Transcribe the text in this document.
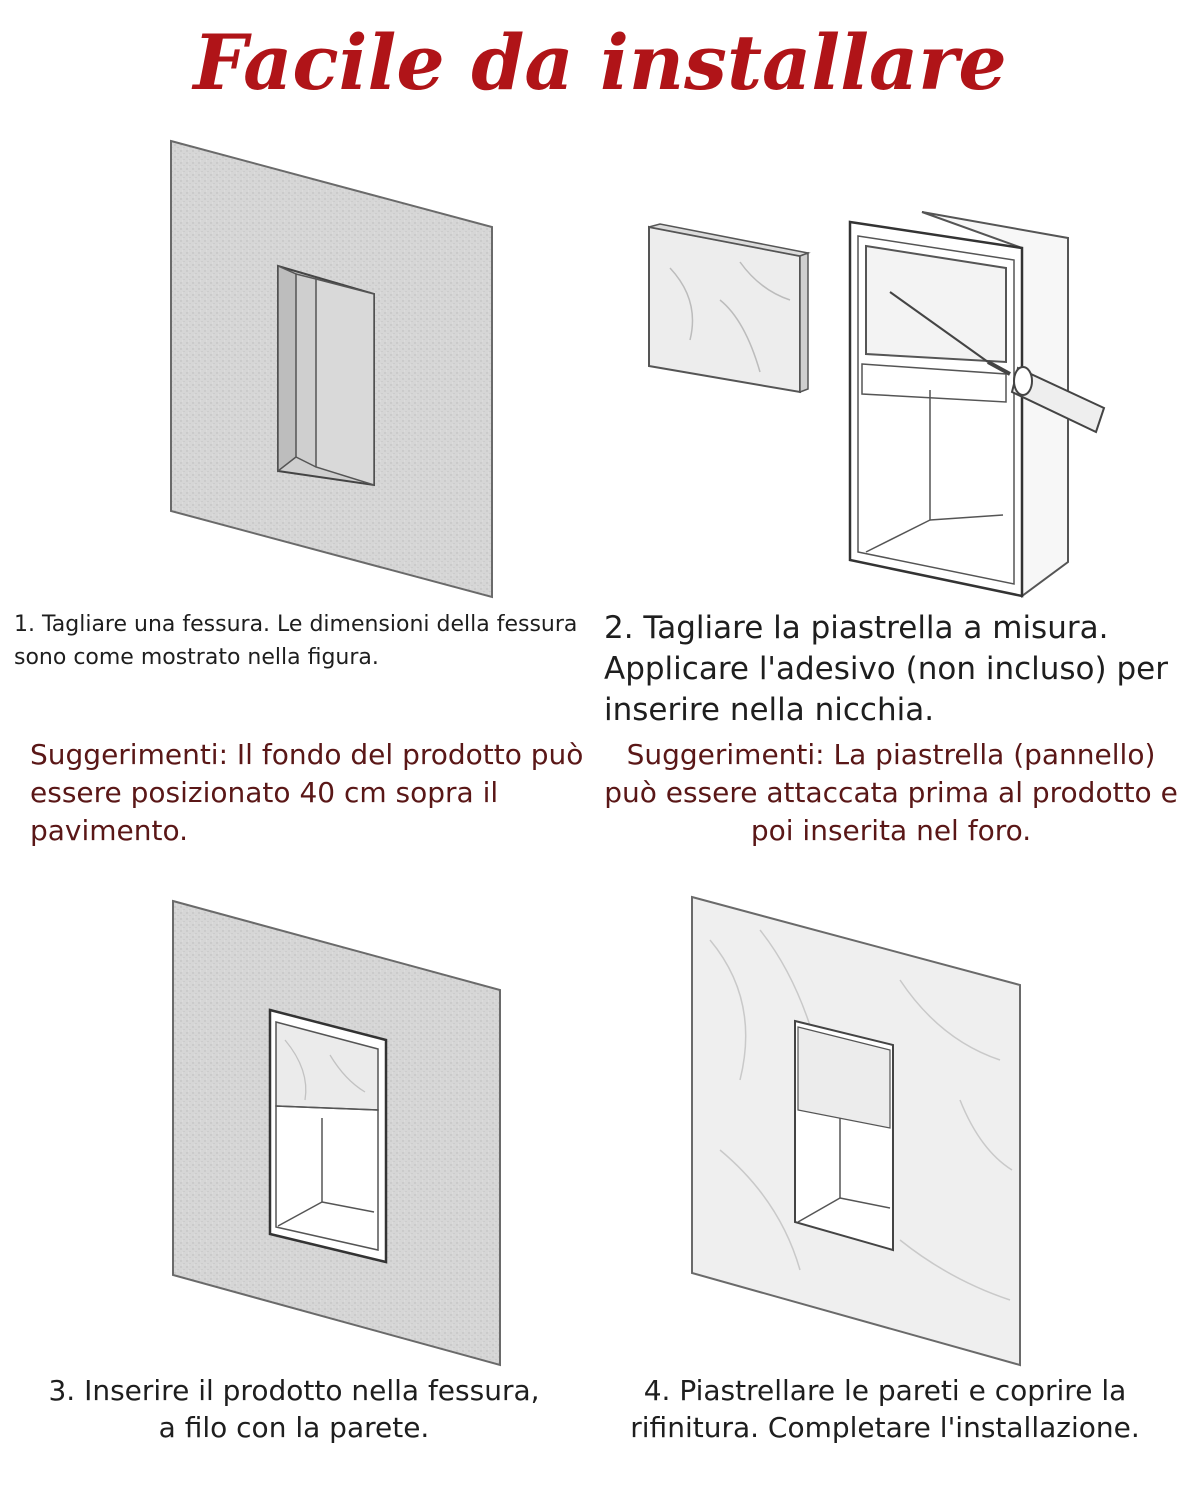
Facile da installare
1. Tagliare una fessura. Le dimensioni della fessura sono come mostrato nella figura.
2. Tagliare la piastrella a misura. Applicare l'adesivo (non incluso) per inserire nella nicchia.
Suggerimenti: Il fondo del prodotto può essere posizionato 40 cm sopra il pavimento.
Suggerimenti: La piastrella (pannello) può essere attaccata prima al prodotto e poi inserita nel foro.
3. Inserire il prodotto nella fessura, a filo con la parete.
4. Piastrellare le pareti e coprire la rifinitura. Completare l'installazione.
